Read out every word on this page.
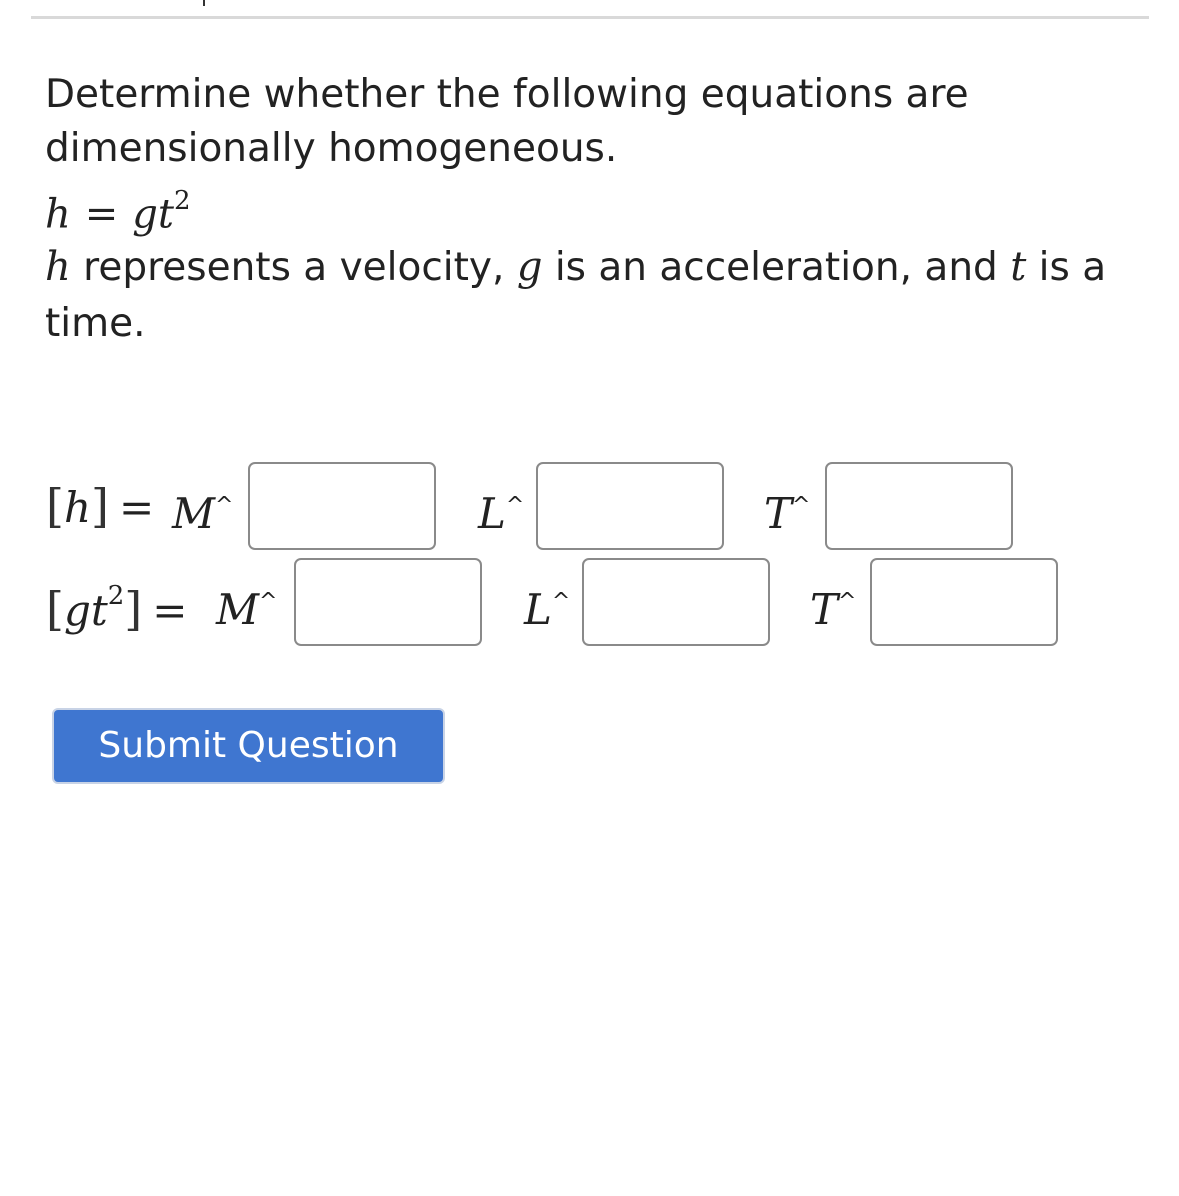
Determine whether the following equations are dimensionally homogeneous.

$h = gt^2$

h represents a velocity, g is an acceleration, and t is a time.

[h] = M^	L^	T^
$[gt^2] = M^{\^{}}$	L^	T^
Submit Question
